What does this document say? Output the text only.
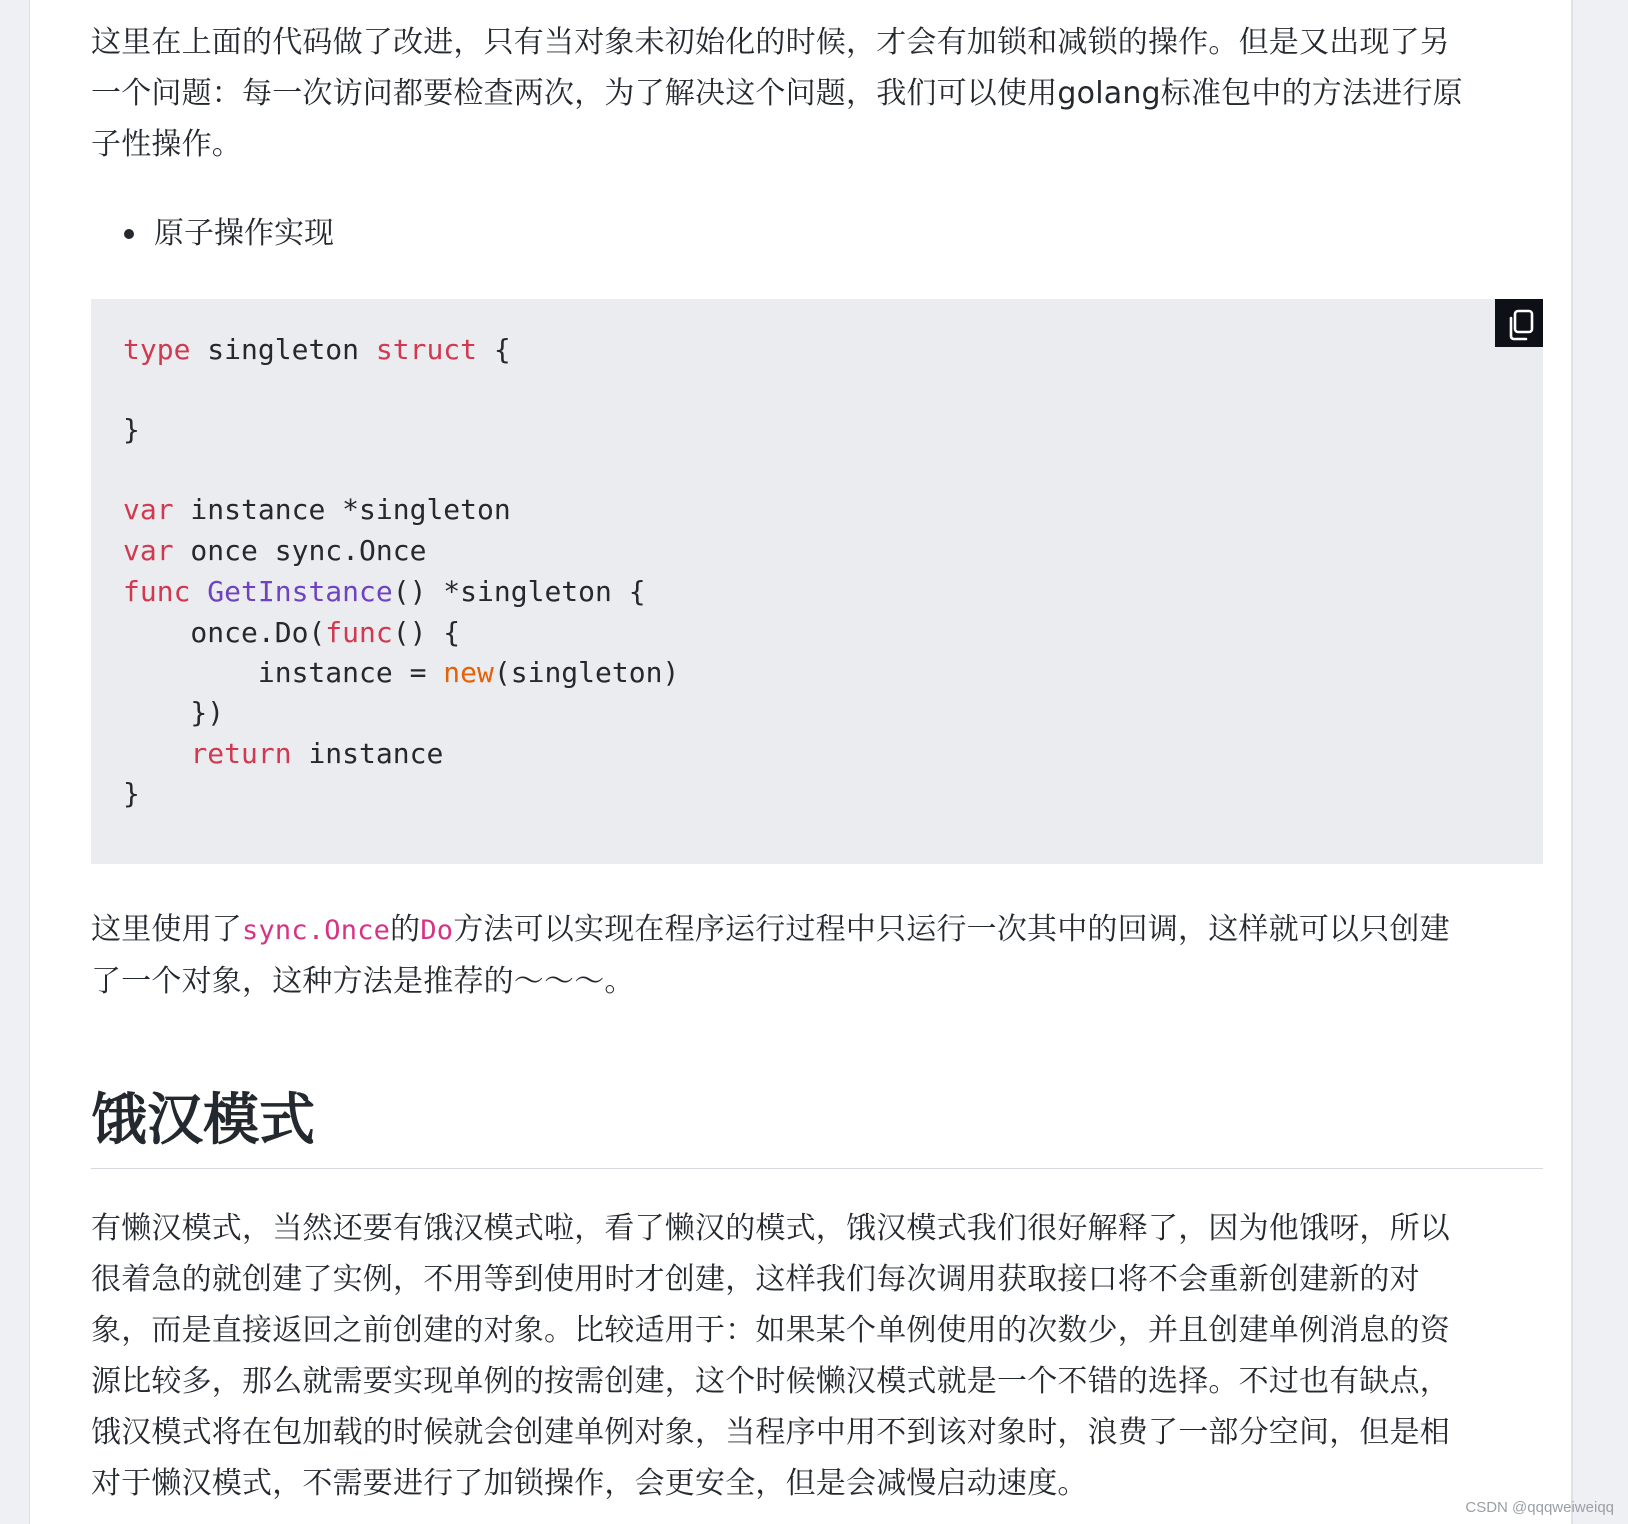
这里在上面的代码做了改进，只有当对象未初始化的时候，才会有加锁和减锁的操作。但是又出现了另
一个问题：每一次访问都要检查两次，为了解决这个问题，我们可以使用golang标准包中的方法进行原
子性操作。

原子操作实现
type singleton struct {
}
var instance *singleton
var once sync.Once
func GetInstance() *singleton {
once.Do(func() {
instance = new(singleton)
})
return instance
}

这里使用了sync.Once的Do方法可以实现在程序运行过程中只运行一次其中的回调，这样就可以只创建
了一个对象，这种方法是推荐的～～～。

饿汉模式

有懒汉模式，当然还要有饿汉模式啦，看了懒汉的模式，饿汉模式我们很好解释了，因为他饿呀，所以
很着急的就创建了实例，不用等到使用时才创建，这样我们每次调用获取接口将不会重新创建新的对
象，而是直接返回之前创建的对象。比较适用于：如果某个单例使用的次数少，并且创建单例消息的资
源比较多，那么就需要实现单例的按需创建，这个时候懒汉模式就是一个不错的选择。不过也有缺点，
饿汉模式将在包加载的时候就会创建单例对象，当程序中用不到该对象时，浪费了一部分空间，但是相
对于懒汉模式，不需要进行了加锁操作，会更安全，但是会减慢启动速度。

CSDN @qqqweiweiqq
